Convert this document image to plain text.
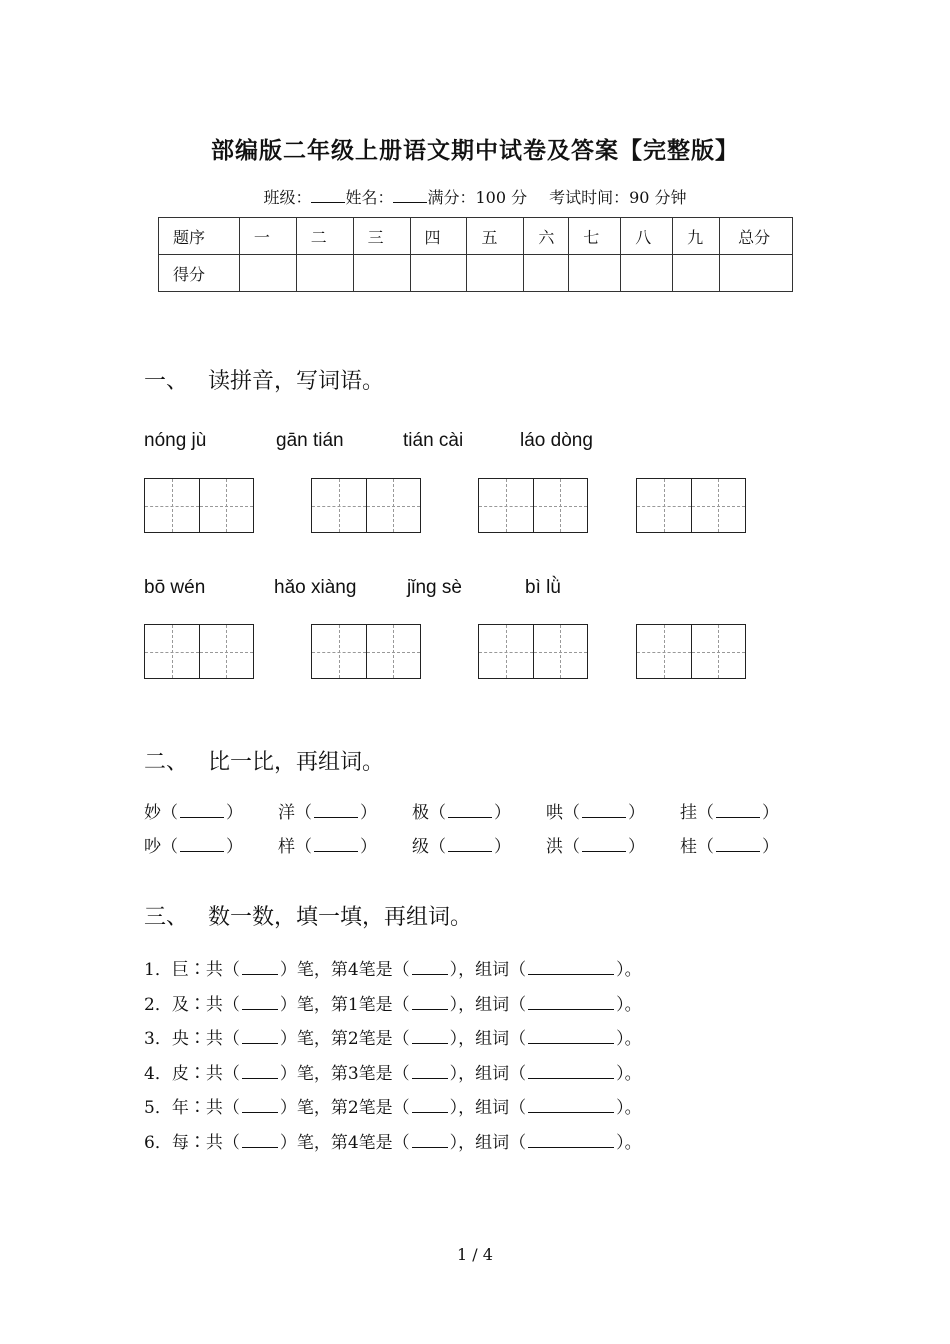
部编版二年级上册语文期中试卷及答案【完整版】
班级： 姓名： 满分：100 分 考试时间：90 分钟
题序	一	二	三	四	五	六	七	八	九	总分
得分										
一、 读拼音，写词语。
nóng jù	gān tián	tián cài	láo dòng
bō wén	hǎo xiàng	jǐng sè	bì lǜ
二、 比一比，再组词。
妙（	） 洋（	） 极（	） 哄（	） 挂（	）
吵（	） 样（	） 级（	） 洪（	） 桂（	）
三、 数一数，填一填，再组词。
1．巨∶共（ ）笔，第4笔是（ ），组词（	）。
2．及∶共（ ）笔，第1笔是（ ），组词（	）。
3．央∶共（ ）笔，第2笔是（ ），组词（	）。
4．皮∶共（ ）笔，第3笔是（ ），组词（	）。
5．年∶共（ ）笔，第2笔是（ ），组词（	）。
6．每∶共（ ）笔，第4笔是（ ），组词（	）。
1 / 4
